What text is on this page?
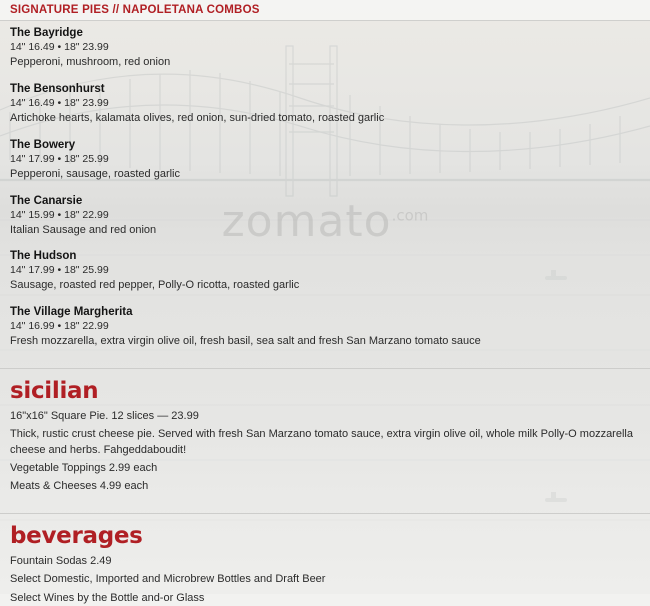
zomato$^{.com}$
SIGNATURE PIES // NAPOLETANA COMBOS
The Bayridge
14" 16.49 • 18" 23.99
Pepperoni, mushroom, red onion
The Bensonhurst
14" 16.49 • 18" 23.99
Artichoke hearts, kalamata olives, red onion, sun-dried tomato, roasted garlic
The Bowery
14" 17.99 • 18" 25.99
Pepperoni, sausage, roasted garlic
The Canarsie
14" 15.99 • 18" 22.99
Italian Sausage and red onion
The Hudson
14" 17.99 • 18" 25.99
Sausage, roasted red pepper, Polly-O ricotta, roasted garlic
The Village Margherita
14" 16.99 • 18" 22.99
Fresh mozzarella, extra virgin olive oil, fresh basil, sea salt and fresh San Marzano tomato sauce
sicilian

16"x16" Square Pie. 12 slices — 23.99

Thick, rustic crust cheese pie. Served with fresh San Marzano tomato sauce, extra virgin olive oil, whole milk Polly-O mozzarella cheese and herbs. Fahgeddaboudit!

Vegetable Toppings 2.99 each

Meats & Cheeses 4.99 each

beverages

Fountain Sodas 2.49

Select Domestic, Imported and Microbrew Bottles and Draft Beer

Select Wines by the Bottle and-or Glass
